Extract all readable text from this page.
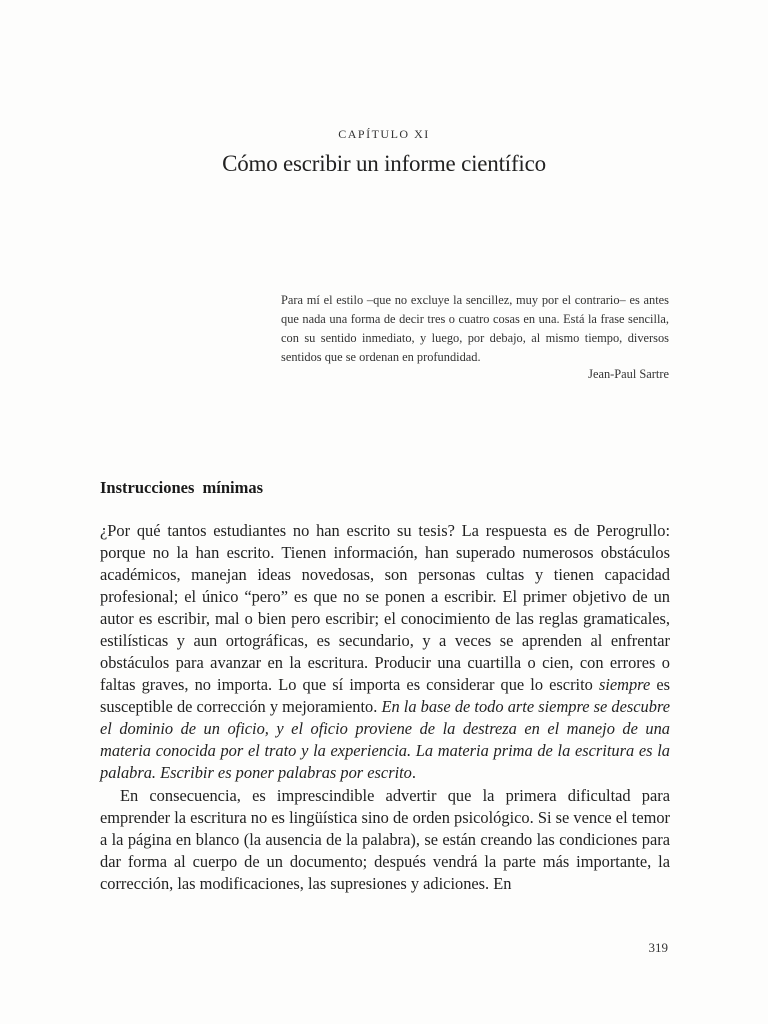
CAPÍTULO XI
Cómo escribir un informe científico
Para mí el estilo –que no excluye la sencillez, muy por el contrario– es antes que nada una forma de decir tres o cuatro cosas en una. Está la frase sencilla, con su sentido inmediato, y luego, por debajo, al mismo tiempo, diversos sentidos que se ordenan en profundidad.
Jean-Paul Sartre
Instrucciones mínimas

¿Por qué tantos estudiantes no han escrito su tesis? La respuesta es de Perogrullo: porque no la han escrito. Tienen información, han superado numerosos obstáculos académicos, manejan ideas novedosas, son personas cultas y tienen capacidad profesional; el único “pero” es que no se ponen a escribir. El primer objetivo de un autor es escribir, mal o bien pero escribir; el conocimiento de las reglas gramaticales, estilísticas y aun ortográficas, es secundario, y a veces se aprenden al enfrentar obstáculos para avanzar en la escritura. Producir una cuartilla o cien, con errores o faltas graves, no importa. Lo que sí importa es considerar que lo escrito siempre es susceptible de corrección y mejoramiento. En la base de todo arte siempre se descubre el dominio de un oficio, y el oficio proviene de la destreza en el manejo de una materia conocida por el trato y la experiencia. La materia prima de la escritura es la palabra. Escribir es poner palabras por escrito.

En consecuencia, es imprescindible advertir que la primera dificultad para emprender la escritura no es lingüística sino de orden psicológico. Si se vence el temor a la página en blanco (la ausencia de la palabra), se están creando las condiciones para dar forma al cuerpo de un documento; después vendrá la parte más importante, la corrección, las modificaciones, las supresiones y adiciones. En

319
